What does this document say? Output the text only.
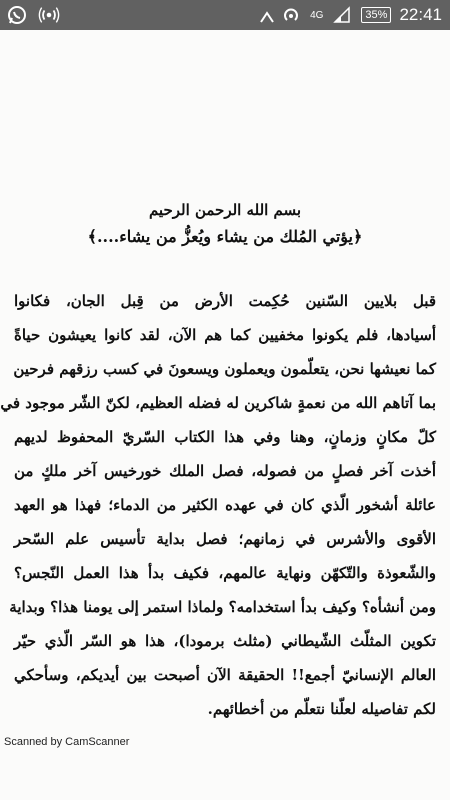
4G	35% 22:41
بسم الله الرحمن الرحيم
﴿يؤتي المُلك من يشاء ويُعزُّ من يشاء....﴾
قبل بلايين السّنين حُكِمت الأرض من قِبل الجان، فكانوا
أسيادها، فلم يكونوا مخفيين كما هم الآن، لقد كانوا يعيشون حياةً
كما نعيشها نحن، يتعلّمون ويعملون ويسعونَ في كسب رزقهم فرحين
بما آتاهم الله من نعمةٍ شاكرين له فضله العظيم، لكنّ الشّر موجود في
كلّ مكانٍ وزمانٍ، وهنا وفي هذا الكتاب السّريّ المحفوظ لديهم
أخذت آخر فصلٍ من فصوله، فصل الملك خورخيس آخر ملكٍ من
عائلة أشخور الّذي كان في عهده الكثير من الدماء؛ فهذا هو العهد
الأقوى والأشرس في زمانهم؛ فصل بداية تأسيس علم السّحر
والشّعوذة والتّكهّن ونهاية عالمهم، فكيف بدأ هذا العمل النّجس؟
ومن أنشأه؟ وكيف بدأ استخدامه؟ ولماذا استمر إلى يومنا هذا؟ وبداية
تكوين المثلّث الشّيطاني (مثلث برمودا)، هذا هو السّر الّذي حيّر
العالم الإنسانيّ أجمع!! الحقيقة الآن أصبحت بين أيديكم، وسأحكي
لكم تفاصيله لعلّنا نتعلّم من أخطائهم.
Scanned by CamScanner
